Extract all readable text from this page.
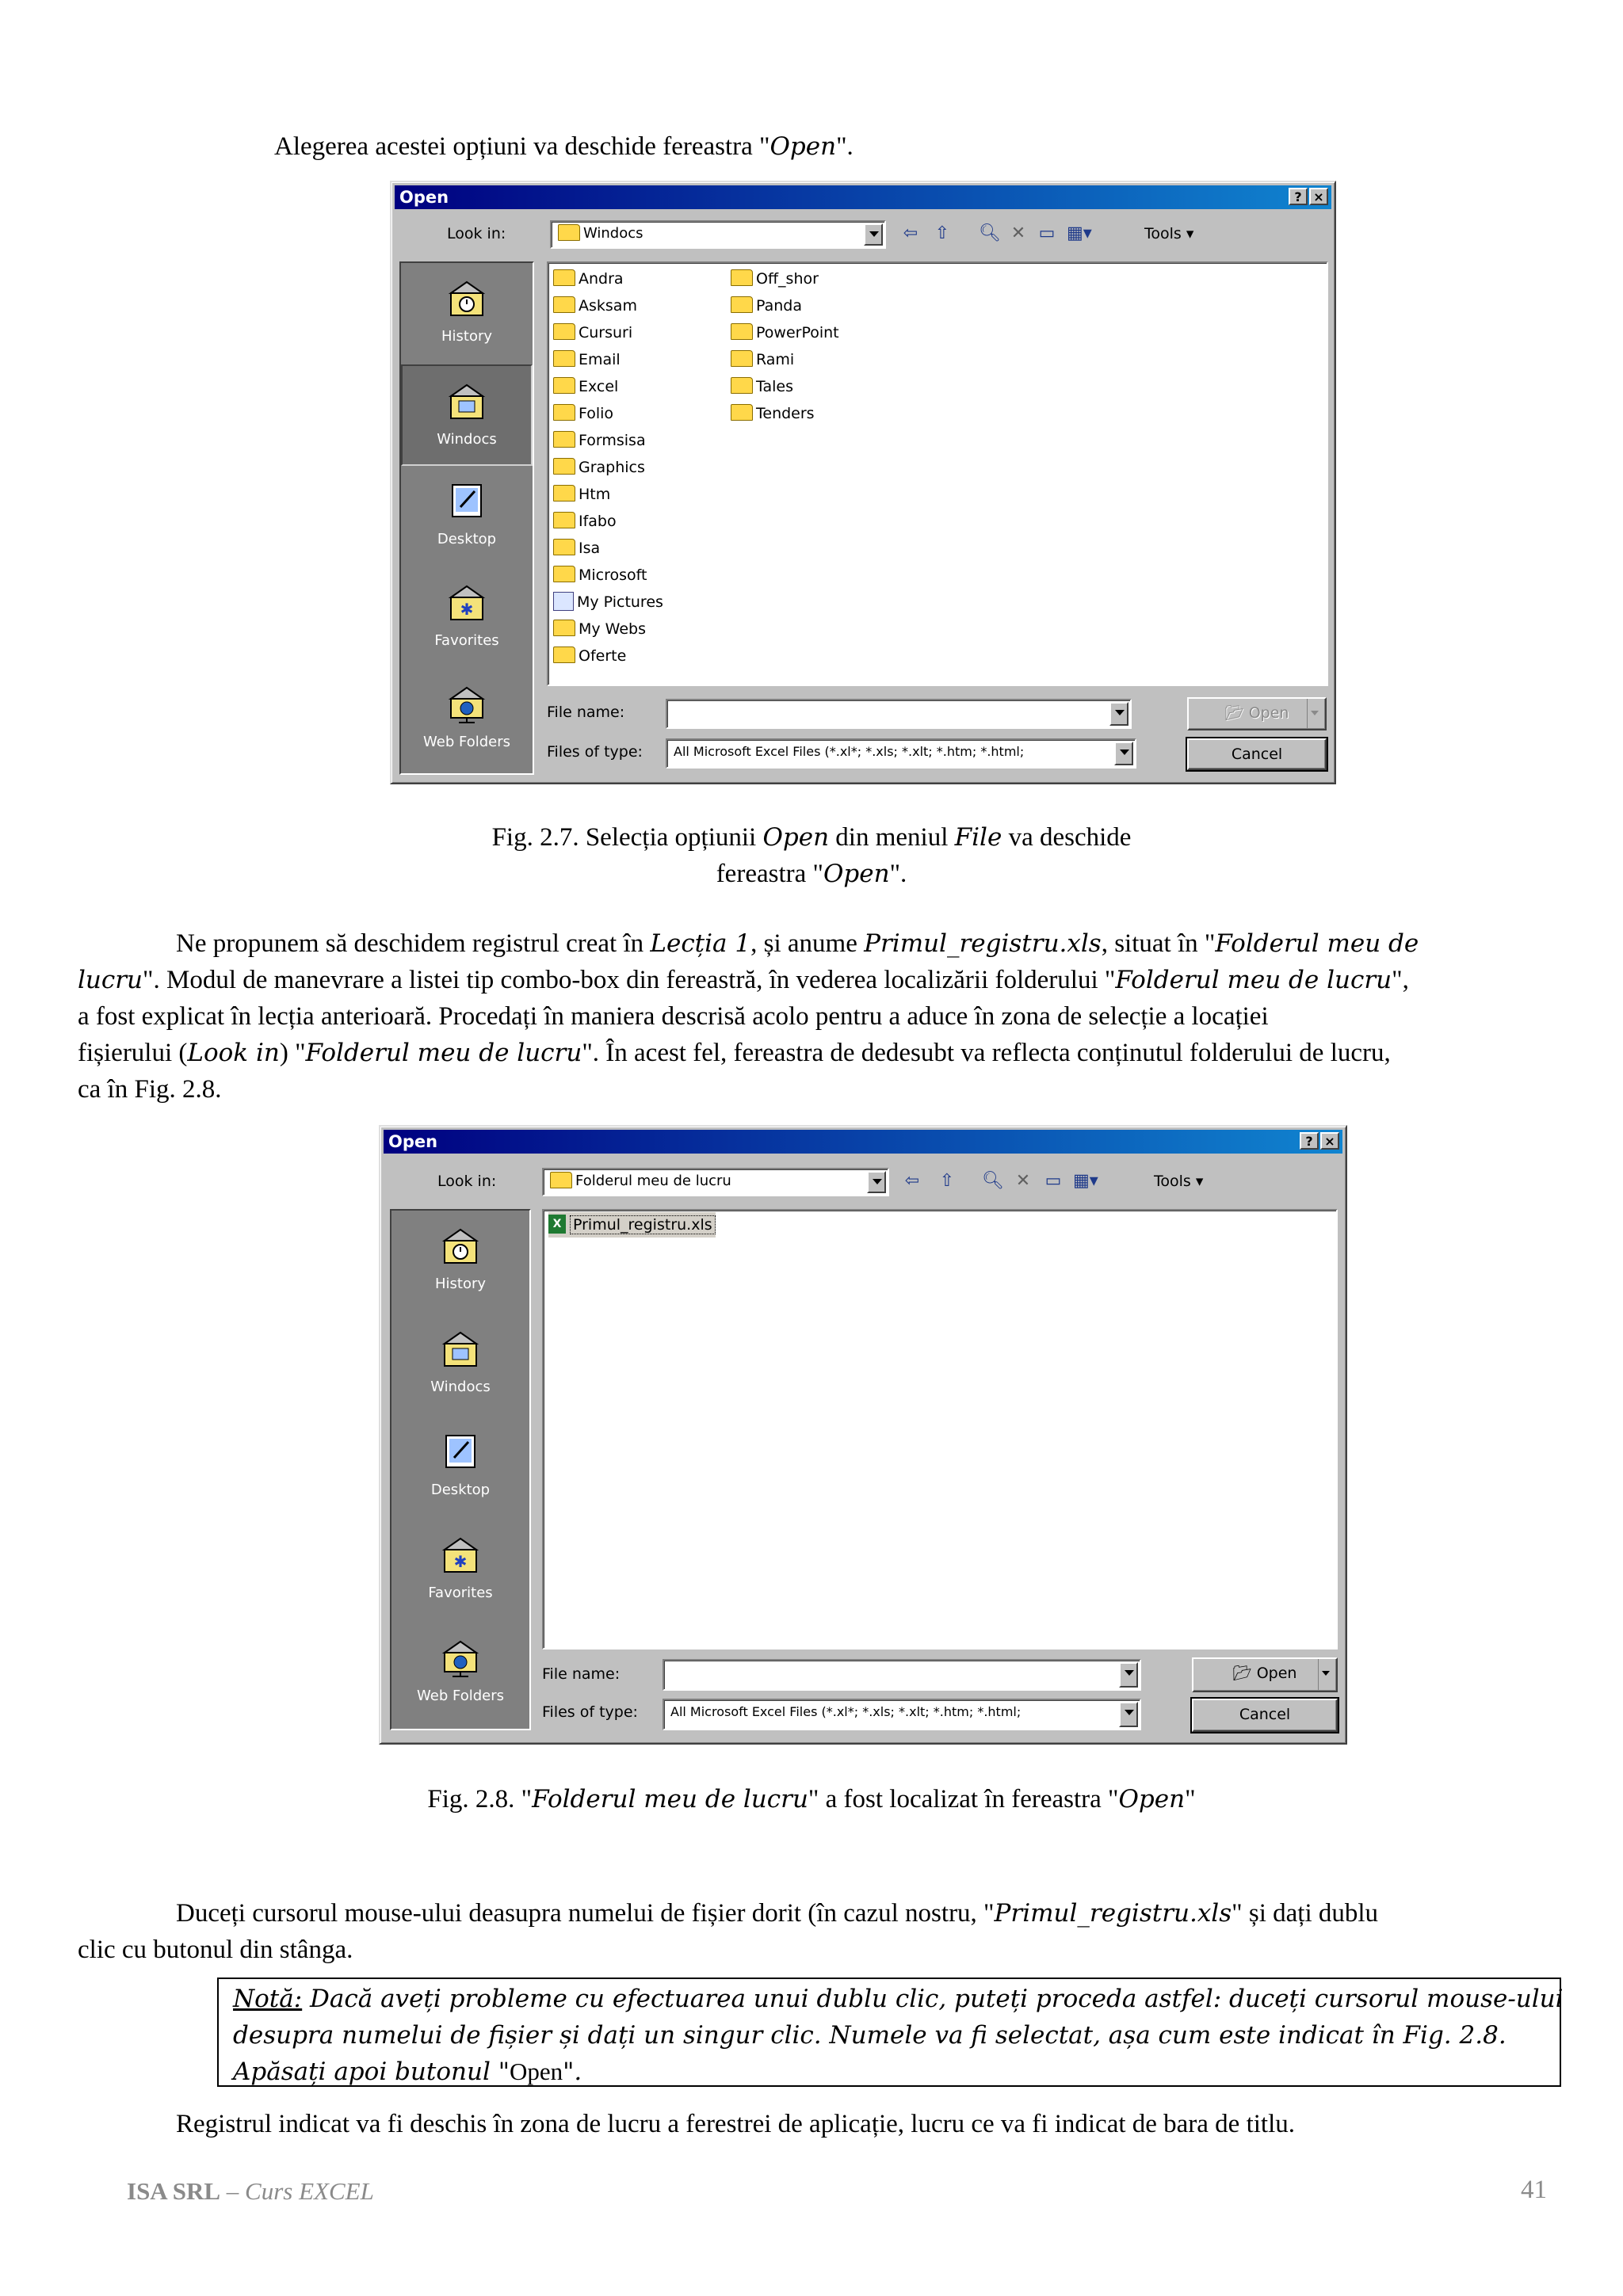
Alegerea acestei opțiuni va deschide fereastra "Open".
Open	? ×
Look in:	Windocs	⇦ ⇧ 🔍︎ ✕ ▭ ▦▾	Tools ▾
History
Windocs
Desktop
✱
Favorites
Web Folders
Andra
Asksam
Cursuri
Email
Excel
Folio
Formsisa
Graphics
Htm
Ifabo
Isa
Microsoft
My Pictures
My Webs
Oferte
Off_shor
Panda
PowerPoint
Rami
Tales
Tenders
File name:
Files of type: All Microsoft Excel Files (*.xl*; *.xls; *.xlt; *.htm; *.html;
📂︎ Open
Cancel
Fig. 2.7. Selecția opțiunii Open din meniul File va deschide
fereastra "Open".
Ne propunem să deschidem registrul creat în Lecția 1, și anume Primul_registru.xls, situat în "Folderul meu de
lucru". Modul de manevrare a listei tip combo-box din fereastră, în vederea localizării folderului "Folderul meu de lucru",
a fost explicat în lecția anterioară. Procedați în maniera descrisă acolo pentru a aduce în zona de selecție a locației
fișierului (Look in) "Folderul meu de lucru". În acest fel, fereastra de dedesubt va reflecta conținutul folderului de lucru,
ca în Fig. 2.8.
Open	? ×
Look in:	Folderul meu de lucru	⇦ ⇧ 🔍︎ ✕ ▭ ▦▾	Tools ▾
History
Windocs
Desktop
✱
Favorites
Web Folders
X Primul_registru.xls
File name:
Files of type:	All Microsoft Excel Files (*.xl*; *.xls; *.xlt; *.htm; *.html;
📂︎ Open
Cancel
Fig. 2.8. "Folderul meu de lucru" a fost localizat în fereastra "Open"
Duceți cursorul mouse-ului deasupra numelui de fișier dorit (în cazul nostru, "Primul_registru.xls" și dați dublu
clic cu butonul din stânga.
Notă: Dacă aveți probleme cu efectuarea unui dublu clic, puteți proceda astfel: duceți cursorul mouse-ului
desupra numelui de fișier și dați un singur clic. Numele va fi selectat, așa cum este indicat în Fig. 2.8.
Apăsați apoi butonul "Open".
Registrul indicat va fi deschis în zona de lucru a ferestrei de aplicație, lucru ce va fi indicat de bara de titlu.
ISA SRL – Curs EXCEL	41
